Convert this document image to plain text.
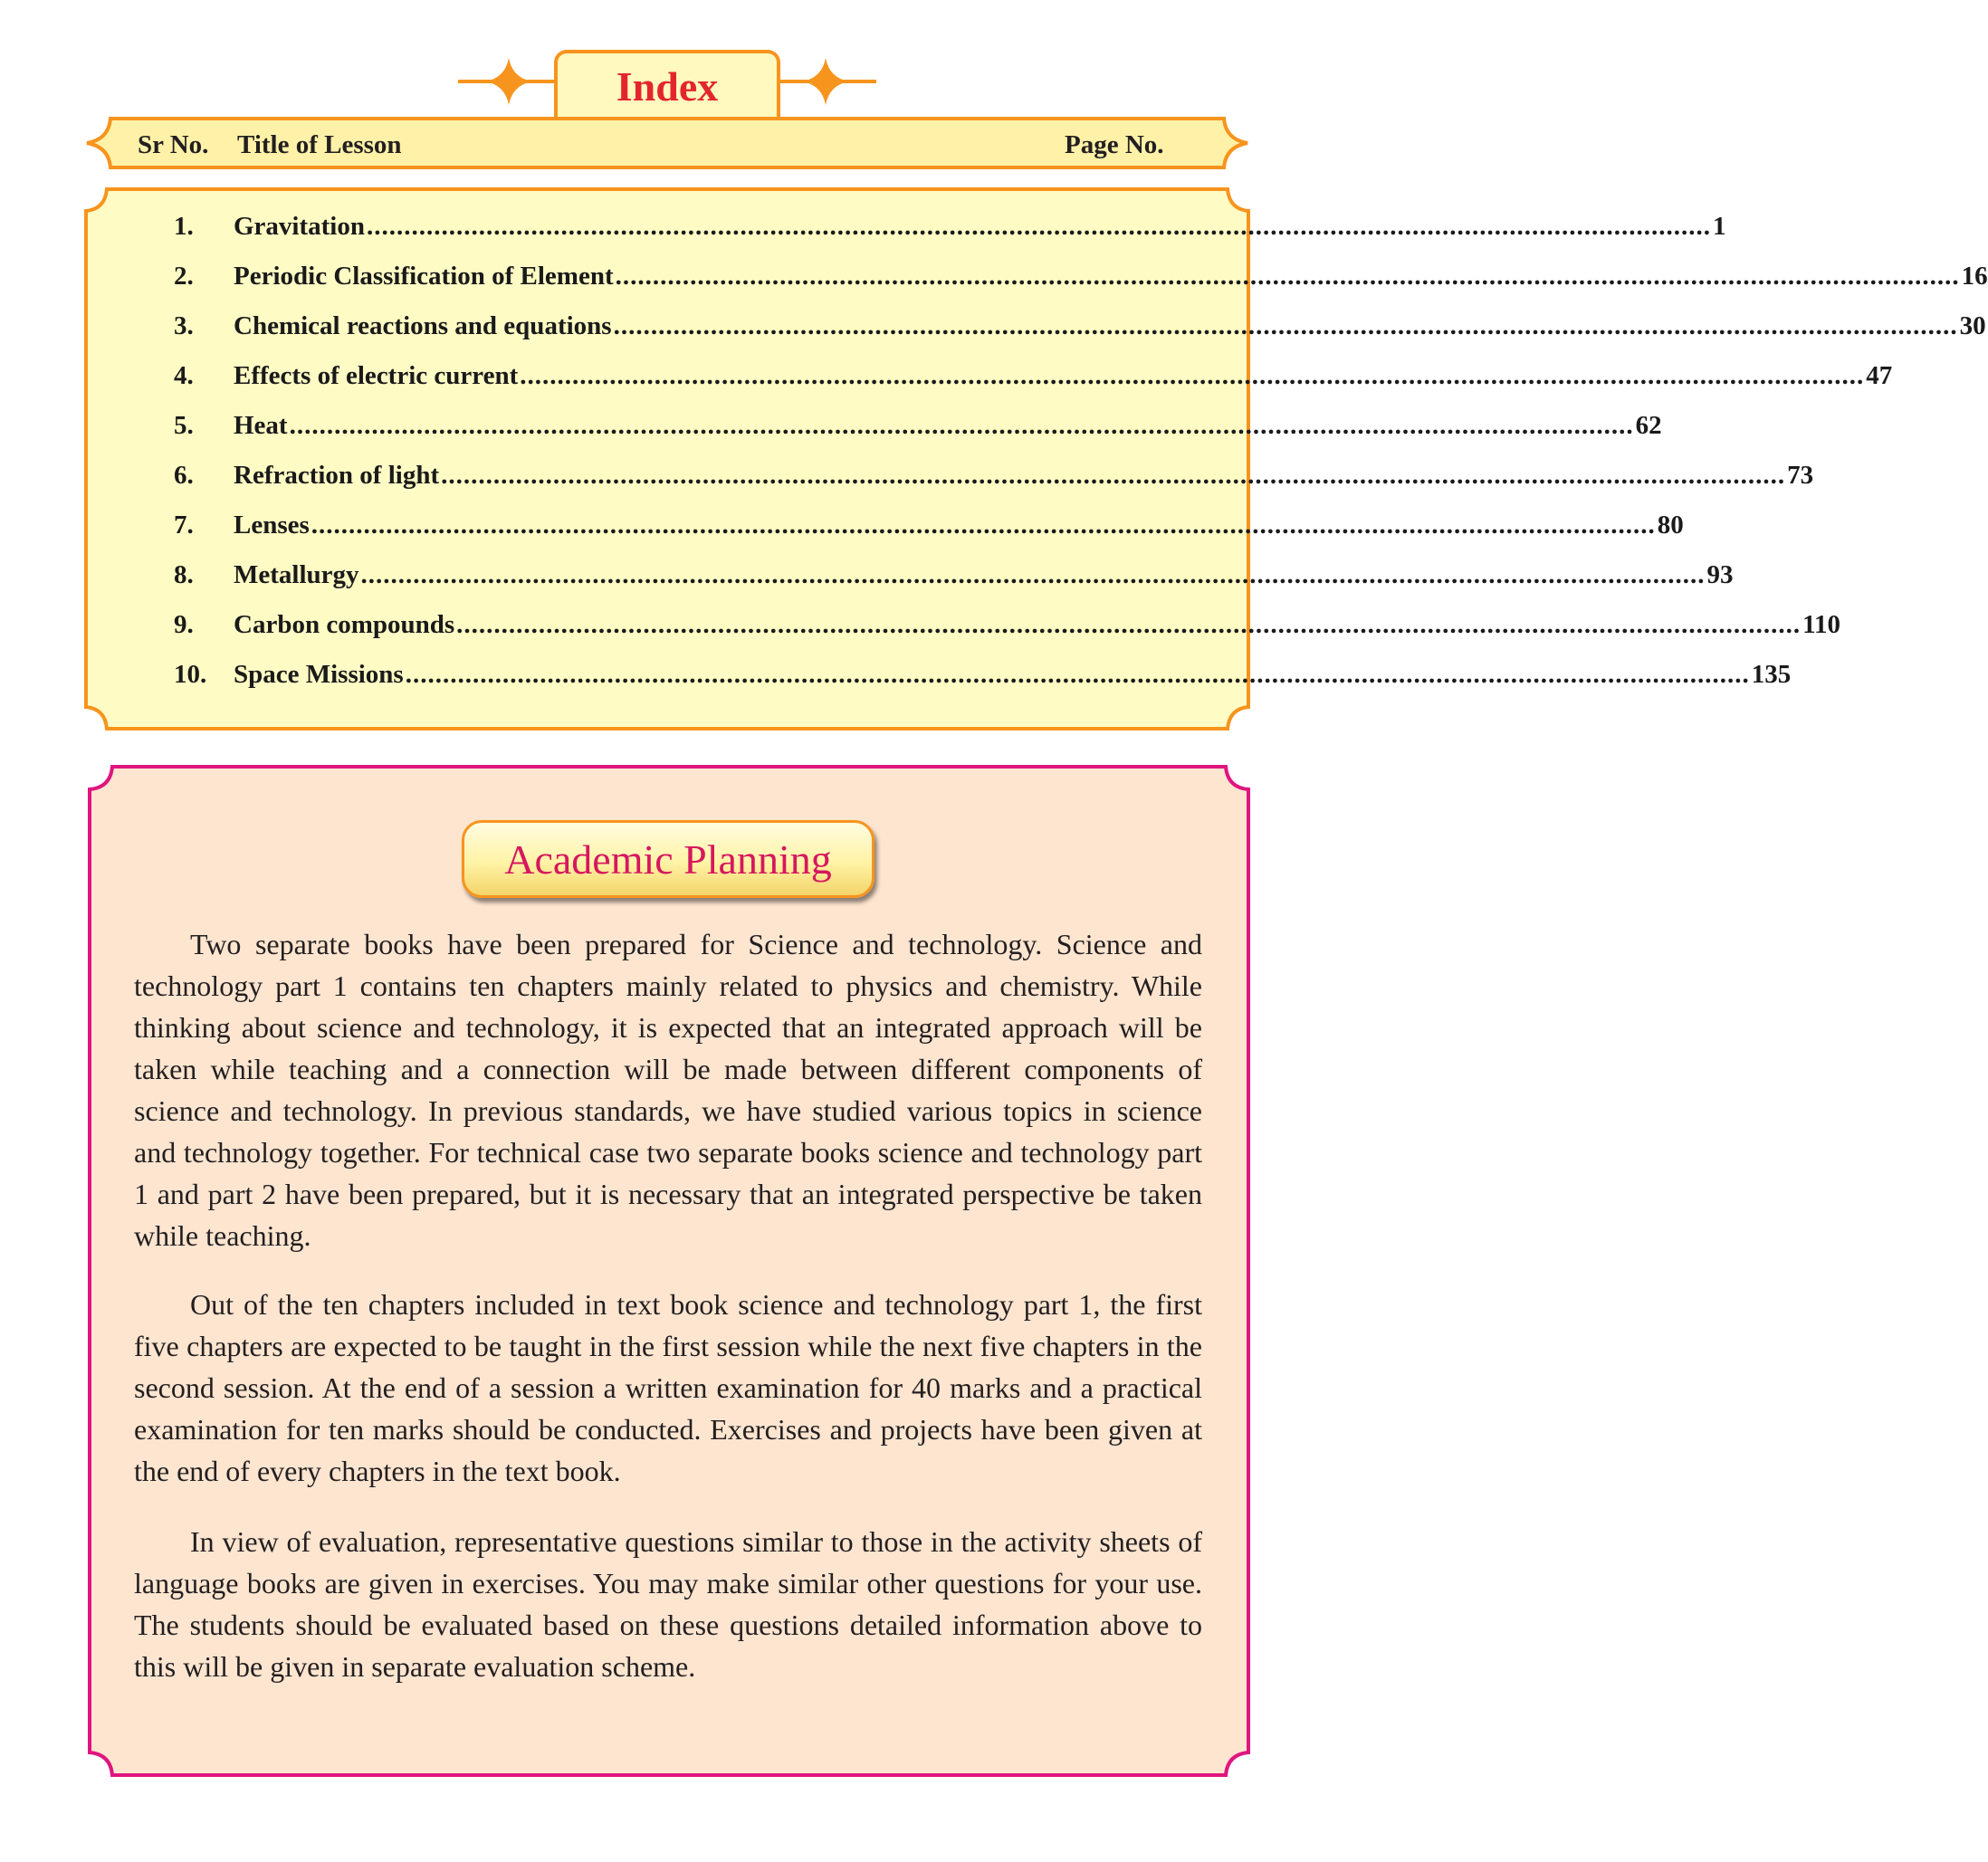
Index
Sr No. Title of Lesson	Page No.
1.	Gravitation .................................................................................................................................................................................... 1
2.	Periodic Classification of Element .................................................................................................................................................................................... 16
3.	Chemical reactions and equations .................................................................................................................................................................................... 30
4.	Effects of electric current .................................................................................................................................................................................... 47
5.	Heat .................................................................................................................................................................................... 62
6.	Refraction of light .................................................................................................................................................................................... 73
7.	Lenses .................................................................................................................................................................................... 80
8.	Metallurgy .................................................................................................................................................................................... 93
9.	Carbon compounds .................................................................................................................................................................................... 110
10.	Space Missions .................................................................................................................................................................................... 135
Academic Planning

Two separate books have been prepared for Science and technology. Science and technology part 1 contains ten chapters mainly related to physics and chemistry. While thinking about science and technology, it is expected that an integrated approach will be taken while teaching and a connection will be made between different components of science and technology. In previous standards, we have studied various topics in science and technology together. For technical case two separate books science and technology part 1 and part 2 have been prepared, but it is necessary that an integrated perspective be taken while teaching.

Out of the ten chapters included in text book science and technology part 1, the first five chapters are expected to be taught in the first session while the next five chapters in the second session. At the end of a session a written examination for 40 marks and a practical examination for ten marks should be conducted. Exercises and projects have been given at the end of every chapters in the text book.

In view of evaluation, representative questions similar to those in the activity sheets of language books are given in exercises. You may make similar other questions for your use. The students should be evaluated based on these questions detailed information above to this will be given in separate evaluation scheme.
